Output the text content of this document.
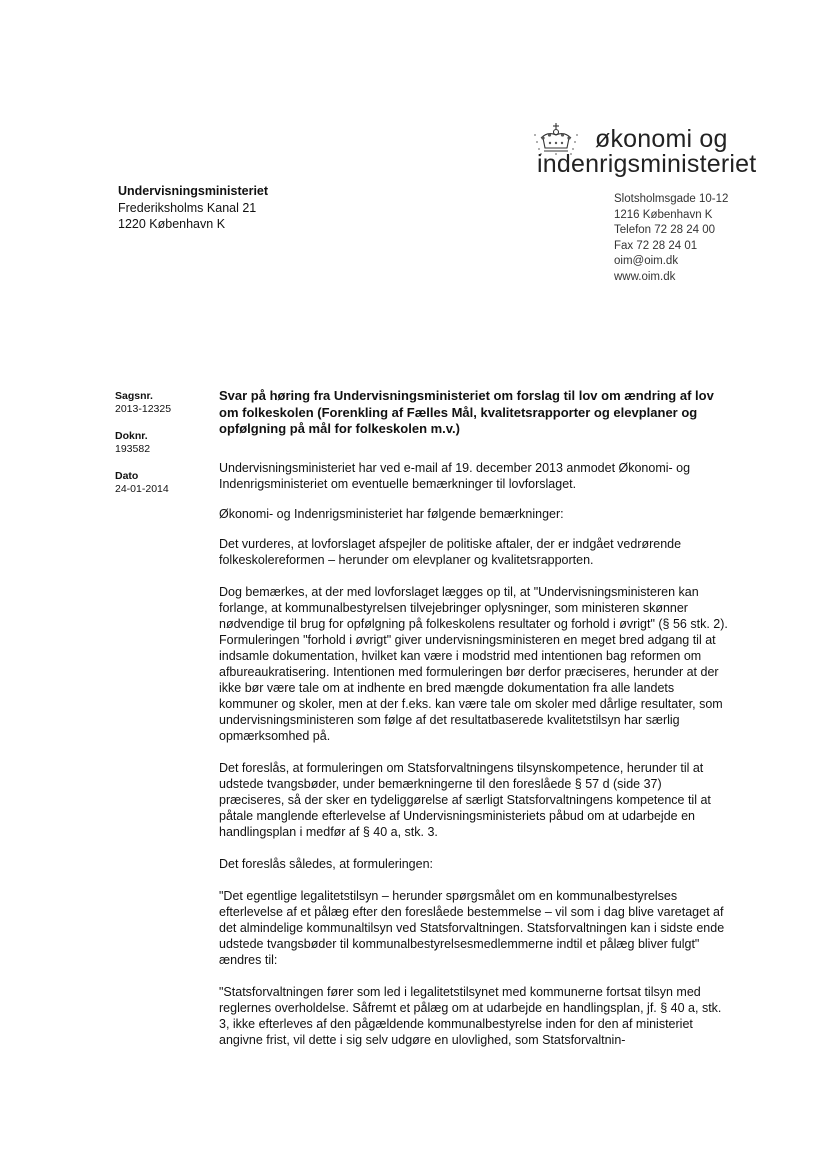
økonomi og
indenrigsministeriet
Slotsholmsgade 10-12
1216 København K
Telefon 72 28 24 00
Fax 72 28 24 01
oim@oim.dk
www.oim.dk
Undervisningsministeriet
Frederiksholms Kanal 21
1220 København K
Sagsnr.
2013-12325
Doknr.
193582
Dato
24-01-2014
Svar på høring fra Undervisningsministeriet om forslag til lov om ændring af lov om folkeskolen (Forenkling af Fælles Mål, kvalitetsrapporter og elevplaner og opfølgning på mål for folkeskolen m.v.)

Undervisningsministeriet har ved e-mail af 19. december 2013 anmodet Økonomi- og Indenrigsministeriet om eventuelle bemærkninger til lovforslaget.

Økonomi- og Indenrigsministeriet har følgende bemærkninger:

Det vurderes, at lovforslaget afspejler de politiske aftaler, der er indgået vedrørende folkeskolereformen – herunder om elevplaner og kvalitetsrapporten.

Dog bemærkes, at der med lovforslaget lægges op til, at "Undervisningsministeren kan forlange, at kommunalbestyrelsen tilvejebringer oplysninger, som ministeren skønner nødvendige til brug for opfølgning på folkeskolens resultater og forhold i øvrigt" (§ 56 stk. 2). Formuleringen "forhold i øvrigt" giver undervisningsministeren en meget bred adgang til at indsamle dokumentation, hvilket kan være i modstrid med intentionen bag reformen om afbureaukratisering. Intentionen med formuleringen bør derfor præciseres, herunder at der ikke bør være tale om at indhente en bred mængde dokumentation fra alle landets kommuner og skoler, men at der f.eks. kan være tale om skoler med dårlige resultater, som undervisningsministeren som følge af det resultatbaserede kvalitetstilsyn har særlig opmærksomhed på.

Det foreslås, at formuleringen om Statsforvaltningens tilsynskompetence, herunder til at udstede tvangsbøder, under bemærkningerne til den foreslåede § 57 d (side 37) præciseres, så der sker en tydeliggørelse af særligt Statsforvaltningens kompetence til at påtale manglende efterlevelse af Undervisningsministeriets påbud om at udarbejde en handlingsplan i medfør af § 40 a, stk. 3.

Det foreslås således, at formuleringen:

"Det egentlige legalitetstilsyn – herunder spørgsmålet om en kommunalbestyrelses efterlevelse af et pålæg efter den foreslåede bestemmelse – vil som i dag blive varetaget af det almindelige kommunaltilsyn ved Statsforvaltningen. Statsforvaltningen kan i sidste ende udstede tvangsbøder til kommunalbestyrelsesmedlemmerne indtil et pålæg bliver fulgt" ændres til:

"Statsforvaltningen fører som led i legalitetstilsynet med kommunerne fortsat tilsyn med reglernes overholdelse. Såfremt et pålæg om at udarbejde en handlingsplan, jf. § 40 a, stk. 3, ikke efterleves af den pågældende kommunalbestyrelse inden for den af ministeriet angivne frist, vil dette i sig selv udgøre en ulovlighed, som Statsforvaltnin-
